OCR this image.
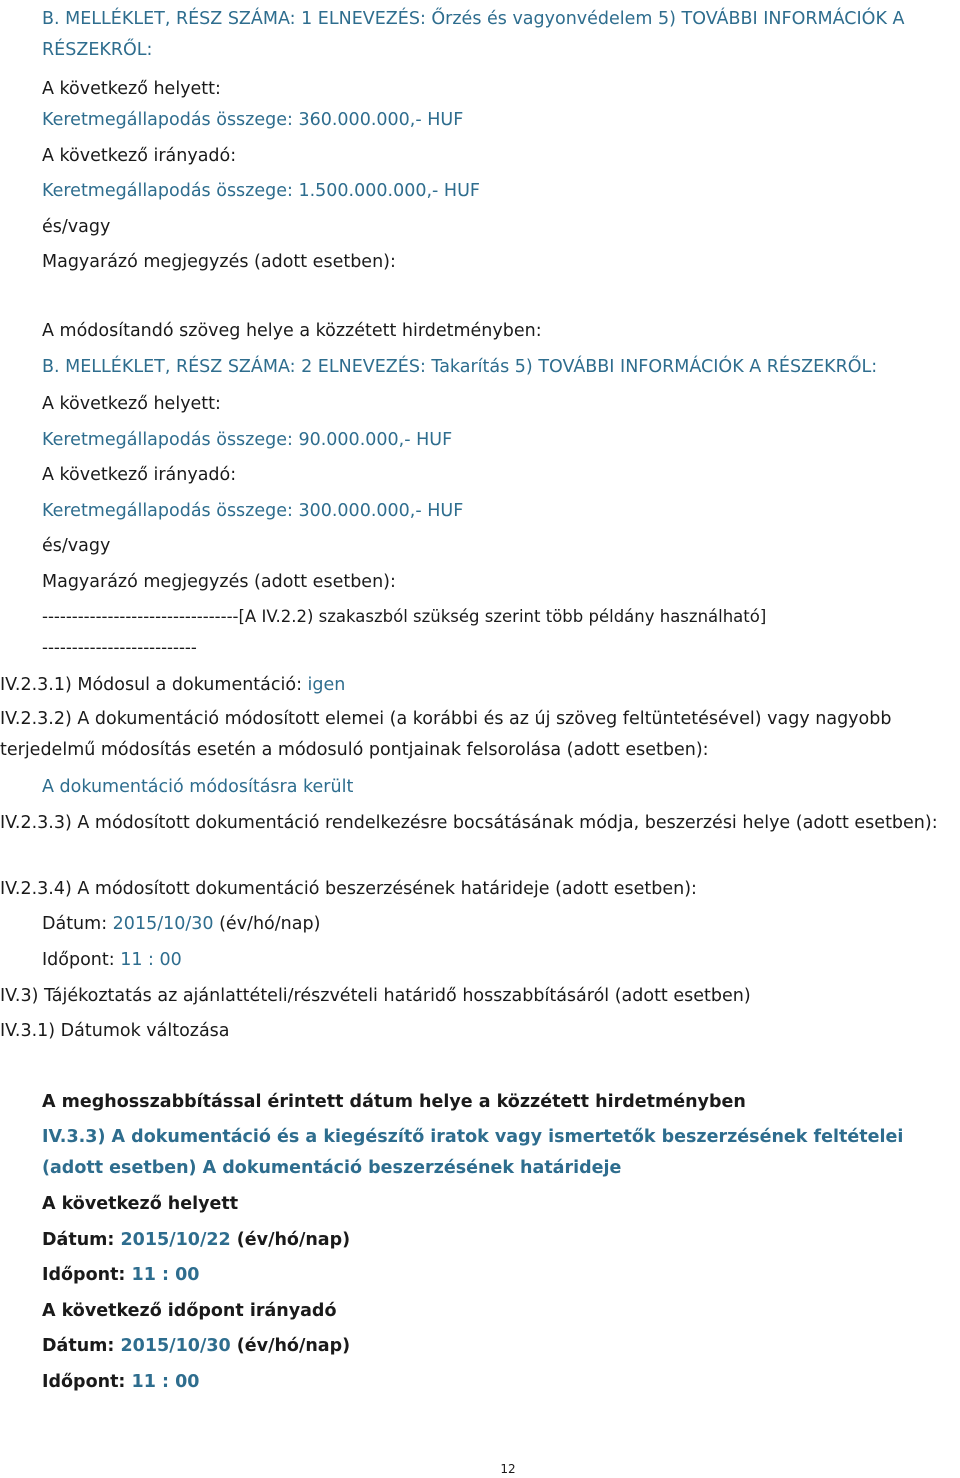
B. MELLÉKLET, RÉSZ SZÁMA: 1 ELNEVEZÉS: Őrzés és vagyonvédelem 5) TOVÁBBI INFORMÁCIÓK A RÉSZEKRŐL:
A következő helyett:
Keretmegállapodás összege: 360.000.000,- HUF
A következő irányadó:
Keretmegállapodás összege: 1.500.000.000,- HUF
és/vagy
Magyarázó megjegyzés (adott esetben):
A módosítandó szöveg helye a közzétett hirdetményben:
B. MELLÉKLET, RÉSZ SZÁMA: 2 ELNEVEZÉS: Takarítás 5) TOVÁBBI INFORMÁCIÓK A RÉSZEKRŐL:
A következő helyett:
Keretmegállapodás összege: 90.000.000,- HUF
A következő irányadó:
Keretmegállapodás összege: 300.000.000,- HUF
és/vagy
Magyarázó megjegyzés (adott esetben):
---------------------------------[A IV.2.2) szakaszból szükség szerint több példány használható]
--------------------------
IV.2.3.1) Módosul a dokumentáció: igen
IV.2.3.2) A dokumentáció módosított elemei (a korábbi és az új szöveg feltüntetésével) vagy nagyobb terjedelmű módosítás esetén a módosuló pontjainak felsorolása (adott esetben):
A dokumentáció módosításra került
IV.2.3.3) A módosított dokumentáció rendelkezésre bocsátásának módja, beszerzési helye (adott esetben):
IV.2.3.4) A módosított dokumentáció beszerzésének határideje (adott esetben):
Dátum: 2015/10/30 (év/hó/nap)
Időpont: 11 : 00
IV.3) Tájékoztatás az ajánlattételi/részvételi határidő hosszabbításáról (adott esetben)
IV.3.1) Dátumok változása
A meghosszabbítással érintett dátum helye a közzétett hirdetményben
IV.3.3) A dokumentáció és a kiegészítő iratok vagy ismertetők beszerzésének feltételei (adott esetben) A dokumentáció beszerzésének határideje
A következő helyett
Dátum: 2015/10/22 (év/hó/nap)
Időpont: 11 : 00
A következő időpont irányadó
Dátum: 2015/10/30 (év/hó/nap)
Időpont: 11 : 00
12
